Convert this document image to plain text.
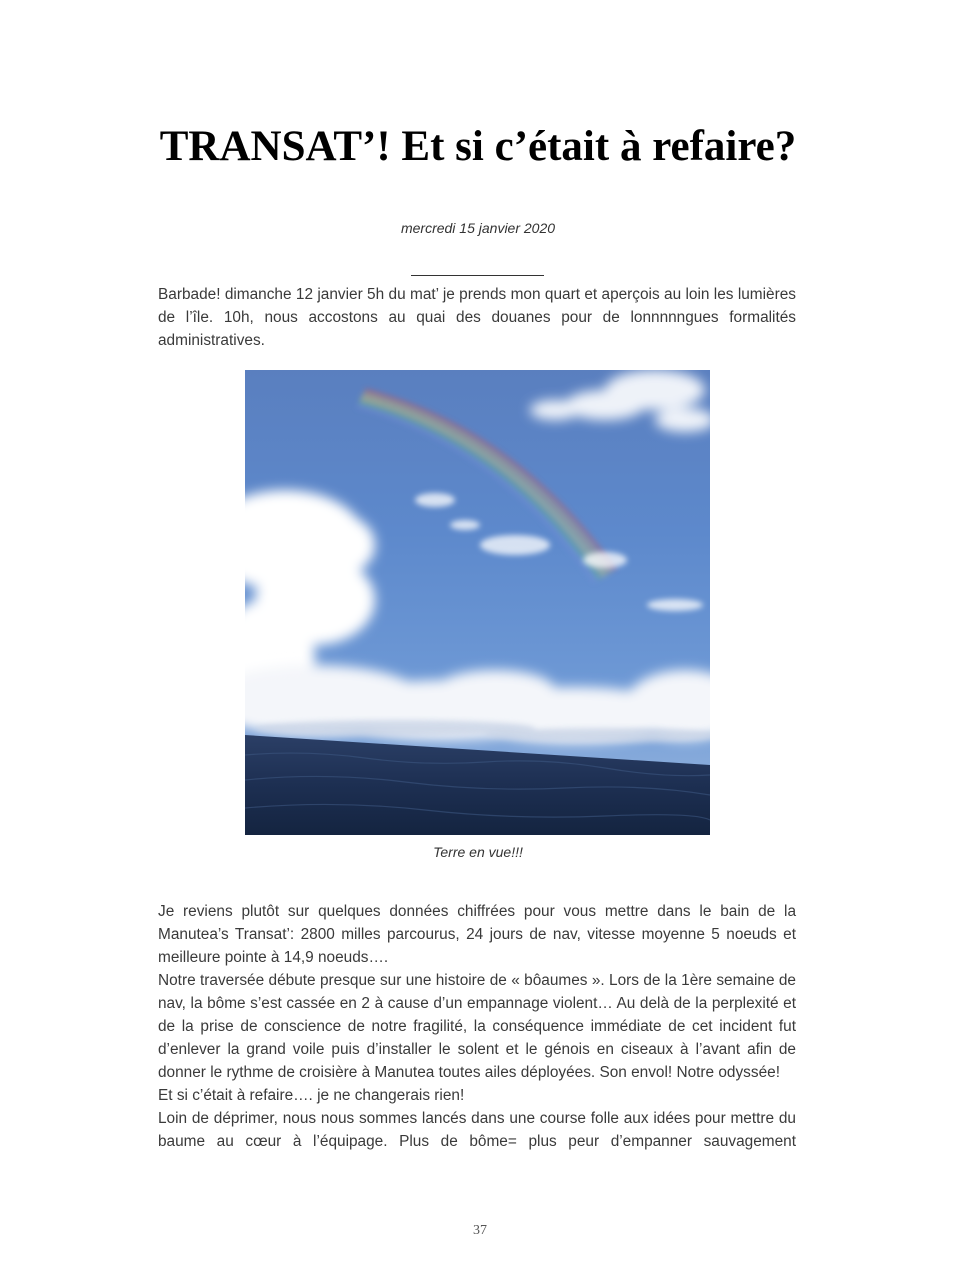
TRANSAT’! Et si c’était à refaire?
mercredi 15 janvier 2020

Barbade! dimanche 12 janvier 5h du mat’ je prends mon quart et aperçois au loin les lumières de l’île. 10h, nous accostons au quai des douanes pour de lonnnnngues formalités administratives.

Terre en vue!!!
Je reviens plutôt sur quelques données chiffrées pour vous mettre dans le bain de la Manutea’s Transat’: 2800 milles parcourus, 24 jours de nav, vitesse moyenne 5 noeuds et meilleure pointe à 14,9 noeuds….
Notre traversée débute presque sur une histoire de « bôaumes ». Lors de la 1ère semaine de nav, la bôme s’est cassée en 2 à cause d’un empannage violent… Au delà de la perplexité et de la prise de conscience de notre fragilité, la conséquence immédiate de cet incident fut d’enlever la grand voile puis d’installer le solent et le génois en ciseaux à l’avant afin de donner le rythme de croisière à Manutea toutes ailes déployées. Son envol! Notre odyssée!
Et si c’était à refaire…. je ne changerais rien!
Loin de déprimer, nous nous sommes lancés dans une course folle aux idées pour mettre du baume au cœur à l’équipage. Plus de bôme= plus peur d’empanner sauvagement
37
